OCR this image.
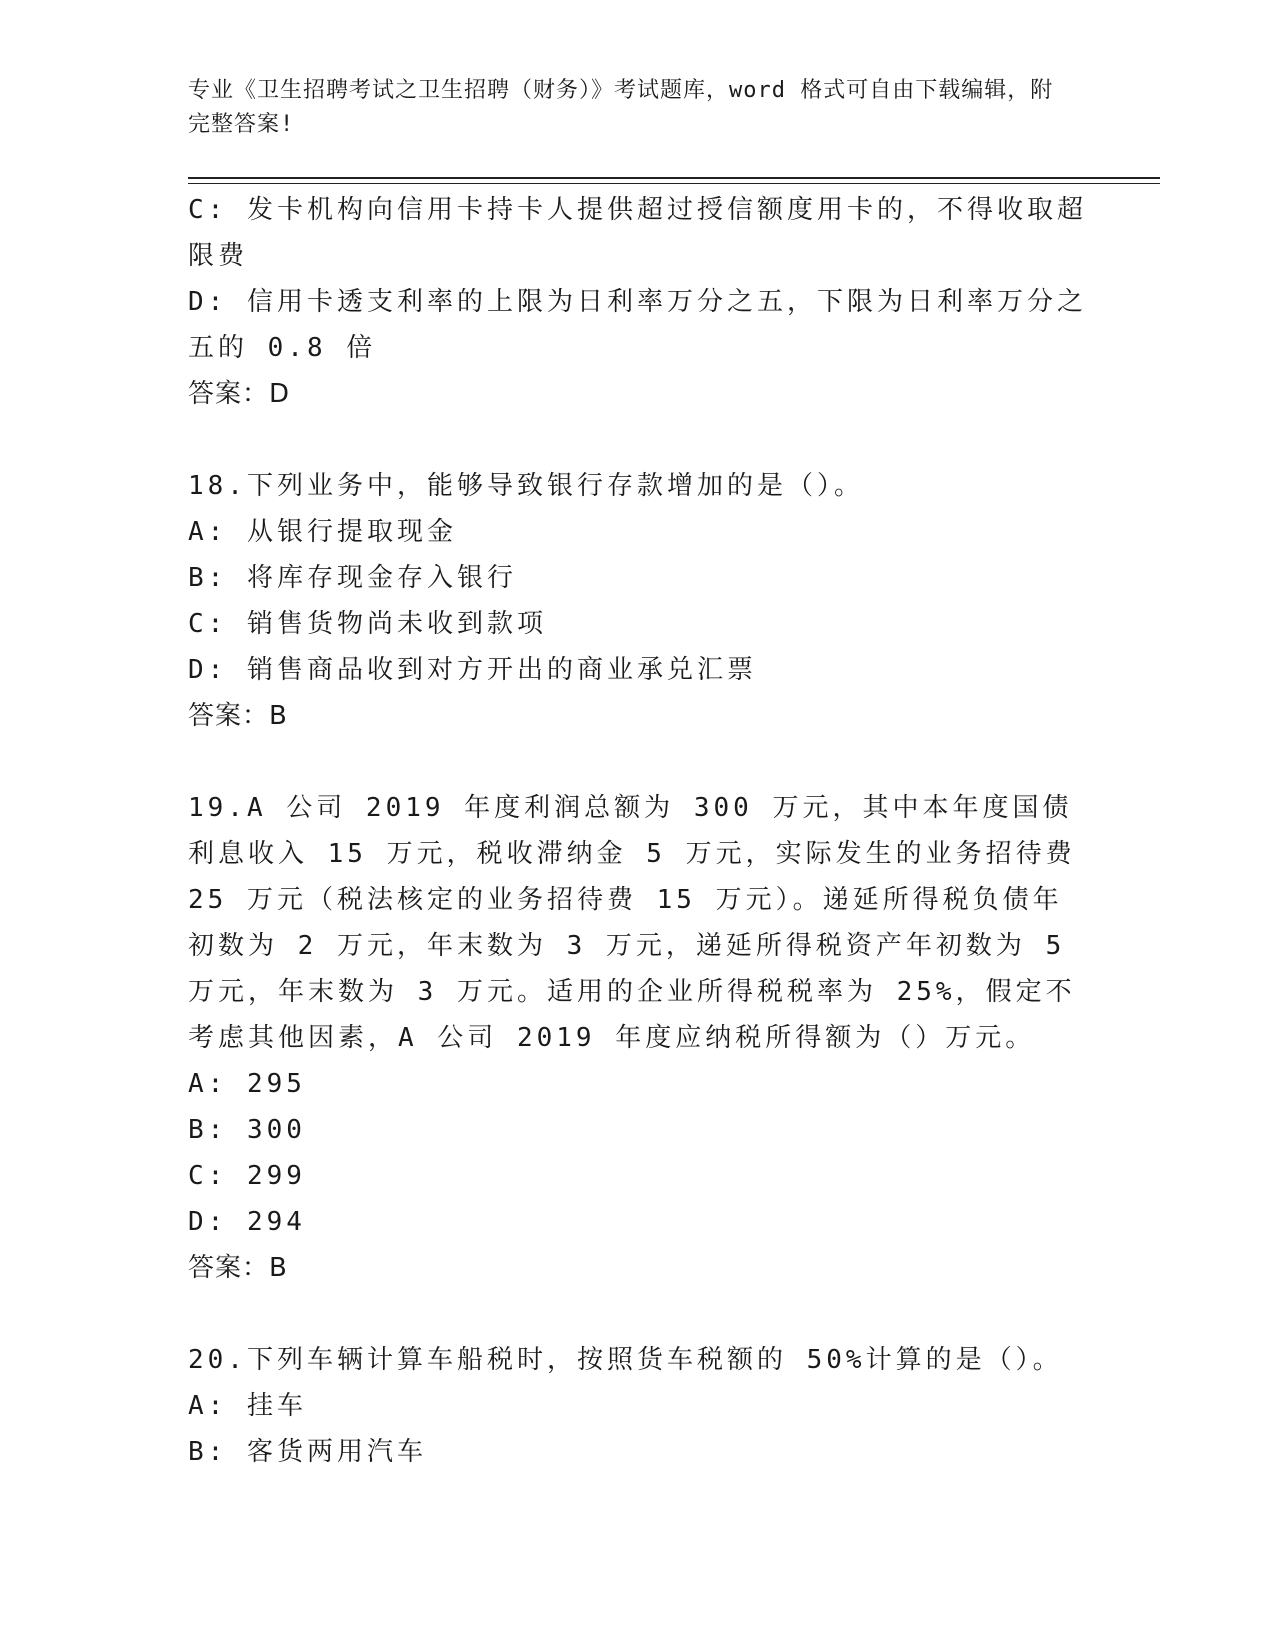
专业《卫生招聘考试之卫生招聘（财务）》考试题库，word 格式可自由下载编辑，附完整答案!
C: 发卡机构向信用卡持卡人提供超过授信额度用卡的，不得收取超限费
D: 信用卡透支利率的上限为日利率万分之五，下限为日利率万分之五的 0.8 倍
答案：D
18.下列业务中，能够导致银行存款增加的是（）。
A: 从银行提取现金
B: 将库存现金存入银行
C: 销售货物尚未收到款项
D: 销售商品收到对方开出的商业承兑汇票
答案：B
19.A 公司 2019 年度利润总额为 300 万元，其中本年度国债利息收入 15 万元，税收滞纳金 5 万元，实际发生的业务招待费 25 万元（税法核定的业务招待费 15 万元）。递延所得税负债年初数为 2 万元，年末数为 3 万元，递延所得税资产年初数为 5 万元，年末数为 3 万元。适用的企业所得税税率为 25%，假定不考虑其他因素，A 公司 2019 年度应纳税所得额为（）万元。
A: 295
B: 300
C: 299
D: 294
答案：B
20.下列车辆计算车船税时，按照货车税额的 50%计算的是（）。
A: 挂车
B: 客货两用汽车
